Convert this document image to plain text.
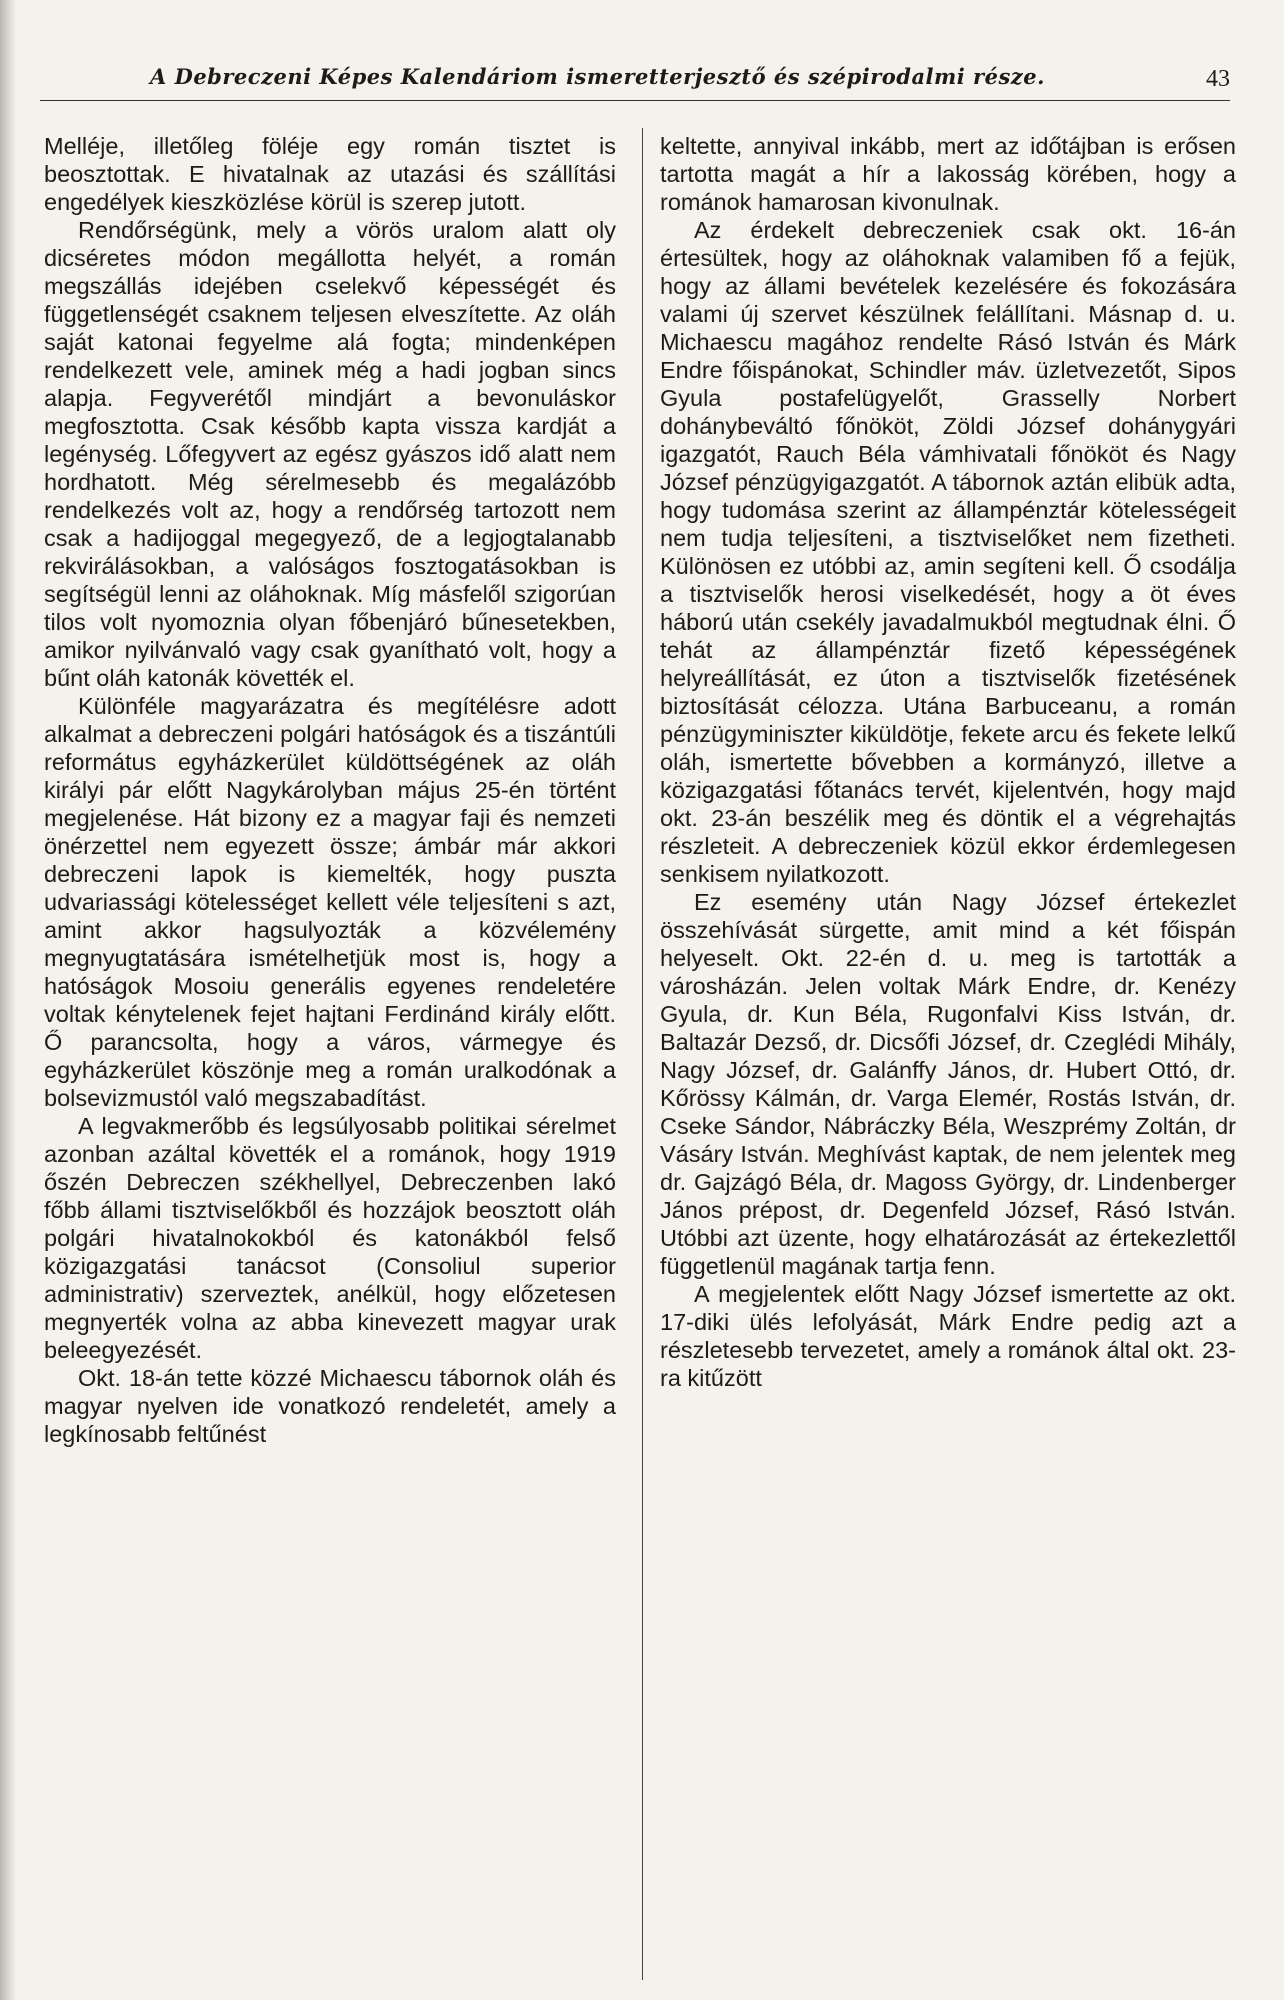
A Debreczeni Képes Kalendáriom ismeretterjesztő és szépirodalmi része.	43

Melléje, illetőleg föléje egy román tisztet is beosztottak. E hivatalnak az utazási és szállítási engedélyek kieszközlése körül is szerep jutott.

Rendőrségünk, mely a vörös uralom alatt oly dicséretes módon megállotta helyét, a román megszállás idejében cselekvő képességét és függetlenségét csaknem teljesen elveszítette. Az oláh saját katonai fegyelme alá fogta; mindenképen rendelkezett vele, aminek még a hadi jogban sincs alapja. Fegyverétől mindjárt a bevonuláskor megfosztotta. Csak később kapta vissza kardját a legénység. Lőfegyvert az egész gyászos idő alatt nem hordhatott. Még sérelmesebb és megalázóbb rendelkezés volt az, hogy a rendőrség tartozott nem csak a hadijoggal megegyező, de a legjogtalanabb rekvirálásokban, a valóságos fosztogatásokban is segítségül lenni az oláhoknak. Míg másfelől szigorúan tilos volt nyomoznia olyan főbenjáró bűnesetekben, amikor nyilvánvaló vagy csak gyanítható volt, hogy a bűnt oláh katonák követték el.

Különféle magyarázatra és megítélésre adott alkalmat a debreczeni polgári hatóságok és a tiszántúli református egyházkerület küldöttségének az oláh királyi pár előtt Nagykárolyban május 25-én történt megjelenése. Hát bizony ez a magyar faji és nemzeti önérzettel nem egyezett össze; ámbár már akkori debreczeni lapok is kiemelték, hogy puszta udvariassági kötelességet kellett véle teljesíteni s azt, amint akkor hagsulyozták a közvélemény megnyugtatására ismételhetjük most is, hogy a hatóságok Mosoiu generális egyenes rendeletére voltak kénytelenek fejet hajtani Ferdinánd király előtt. Ő parancsolta, hogy a város, vármegye és egyházkerület köszönje meg a román uralkodónak a bolsevizmustól való megszabadítást.

A legvakmerőbb és legsúlyosabb politikai sérelmet azonban azáltal követték el a románok, hogy 1919 őszén Debreczen székhellyel, Debreczenben lakó főbb állami tisztviselőkből és hozzájok beosztott oláh polgári hivatalnokokból és katonákból felső közigazgatási tanácsot (Consoliul superior administrativ) szerveztek, anélkül, hogy előzetesen megnyerték volna az abba kinevezett magyar urak beleegyezését.

Okt. 18-án tette közzé Michaescu tábornok oláh és magyar nyelven ide vonatkozó rendeletét, amely a legkínosabb feltűnést

keltette, annyival inkább, mert az időtájban is erősen tartotta magát a hír a lakosság körében, hogy a románok hamarosan kivonulnak.

Az érdekelt debreczeniek csak okt. 16-án értesültek, hogy az oláhoknak valamiben fő a fejük, hogy az állami bevételek kezelésére és fokozására valami új szervet készülnek felállítani. Másnap d. u. Michaescu magához rendelte Rásó István és Márk Endre főispánokat, Schindler máv. üzletvezetőt, Sipos Gyula postafelügyelőt, Grasselly Norbert dohánybeváltó főnököt, Zöldi József dohánygyári igazgatót, Rauch Béla vámhivatali főnököt és Nagy József pénzügyigazgatót. A tábornok aztán elibük adta, hogy tudomása szerint az állampénztár kötelességeit nem tudja teljesíteni, a tisztviselőket nem fizetheti. Különösen ez utóbbi az, amin segíteni kell. Ő csodálja a tisztviselők herosi viselkedését, hogy a öt éves háború után csekély javadalmukból megtudnak élni. Ő tehát az állampénztár fizető képességének helyreállítását, ez úton a tisztviselők fizetésének biztosítását célozza. Utána Barbuceanu, a román pénzügyminiszter kiküldötje, fekete arcu és fekete lelkű oláh, ismertette bővebben a kormányzó, illetve a közigazgatási főtanács tervét, kijelentvén, hogy majd okt. 23-án beszélik meg és döntik el a végrehajtás részleteit. A debreczeniek közül ekkor érdemlegesen senkisem nyilatkozott.

Ez esemény után Nagy József értekezlet összehívását sürgette, amit mind a két főispán helyeselt. Okt. 22-én d. u. meg is tartották a városházán. Jelen voltak Márk Endre, dr. Kenézy Gyula, dr. Kun Béla, Rugonfalvi Kiss István, dr. Baltazár Dezső, dr. Dicsőfi József, dr. Czeglédi Mihály, Nagy József, dr. Galánffy János, dr. Hubert Ottó, dr. Kőrössy Kálmán, dr. Varga Elemér, Rostás István, dr. Cseke Sándor, Nábráczky Béla, Weszprémy Zoltán, dr Vásáry István. Meghívást kaptak, de nem jelentek meg dr. Gajzágó Béla, dr. Magoss György, dr. Lindenberger János prépost, dr. Degenfeld József, Rásó István. Utóbbi azt üzente, hogy elhatározását az értekezlettől függetlenül magának tartja fenn.

A megjelentek előtt Nagy József ismertette az okt. 17-diki ülés lefolyását, Márk Endre pedig azt a részletesebb tervezetet, amely a románok által okt. 23-ra kitűzött
